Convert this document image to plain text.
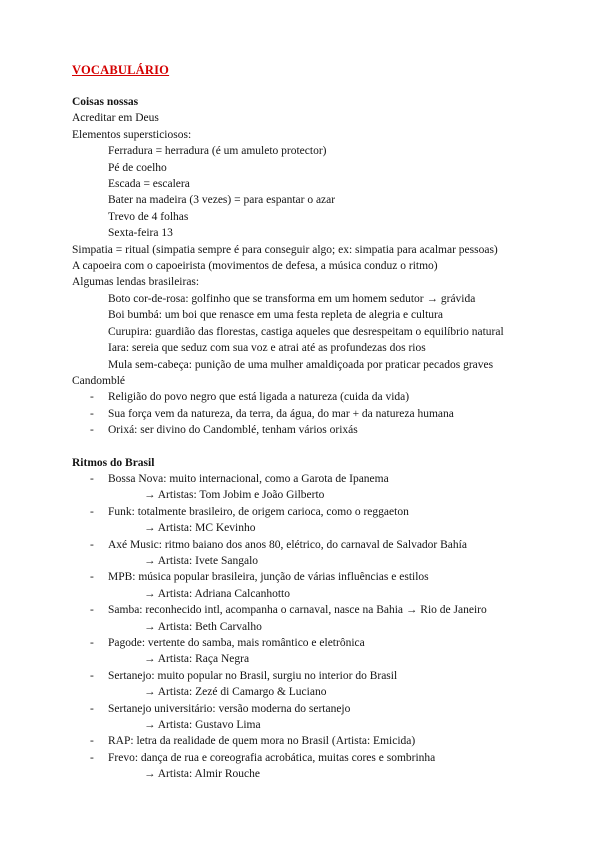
VOCABULÁRIO
Coisas nossas
Acreditar em Deus
Elementos supersticiosos:
Ferradura = herradura (é um amuleto protector)
Pé de coelho
Escada = escalera
Bater na madeira (3 vezes) = para espantar o azar
Trevo de 4 folhas
Sexta-feira 13
Simpatia = ritual (simpatia sempre é para conseguir algo; ex: simpatia para acalmar pessoas)
A capoeira com o capoeirista (movimentos de defesa, a música conduz o ritmo)
Algumas lendas brasileiras:
Boto cor-de-rosa: golfinho que se transforma em um homem sedutor → grávida
Boi bumbá: um boi que renasce em uma festa repleta de alegria e cultura
Curupira: guardião das florestas, castiga aqueles que desrespeitam o equilíbrio natural
Iara: sereia que seduz com sua voz e atrai até as profundezas dos rios
Mula sem-cabeça: punição de uma mulher amaldiçoada por praticar pecados graves
Candomblé
-	Religião do povo negro que está ligada a natureza (cuida da vida)
-	Sua força vem da natureza, da terra, da água, do mar + da natureza humana
-	Orixá: ser divino do Candomblé, tenham vários orixás
Ritmos do Brasil
-	Bossa Nova: muito internacional, como a Garota de Ipanema
→ Artistas: Tom Jobim e João Gilberto
-	Funk: totalmente brasileiro, de origem carioca, como o reggaeton
→ Artista: MC Kevinho
-	Axé Music: ritmo baiano dos anos 80, elétrico, do carnaval de Salvador Bahía
→ Artista: Ivete Sangalo
-	MPB: música popular brasileira, junção de várias influências e estilos
→ Artista: Adriana Calcanhotto
-	Samba: reconhecido intl, acompanha o carnaval, nasce na Bahia → Rio de Janeiro
→ Artista: Beth Carvalho
-	Pagode: vertente do samba, mais romântico e eletrônica
→ Artista: Raça Negra
-	Sertanejo: muito popular no Brasil, surgiu no interior do Brasil
→ Artista: Zezé di Camargo & Luciano
-	Sertanejo universitário: versão moderna do sertanejo
→ Artista: Gustavo Lima
-	RAP: letra da realidade de quem mora no Brasil (Artista: Emicida)
-	Frevo: dança de rua e coreografia acrobática, muitas cores e sombrinha
→ Artista: Almir Rouche
